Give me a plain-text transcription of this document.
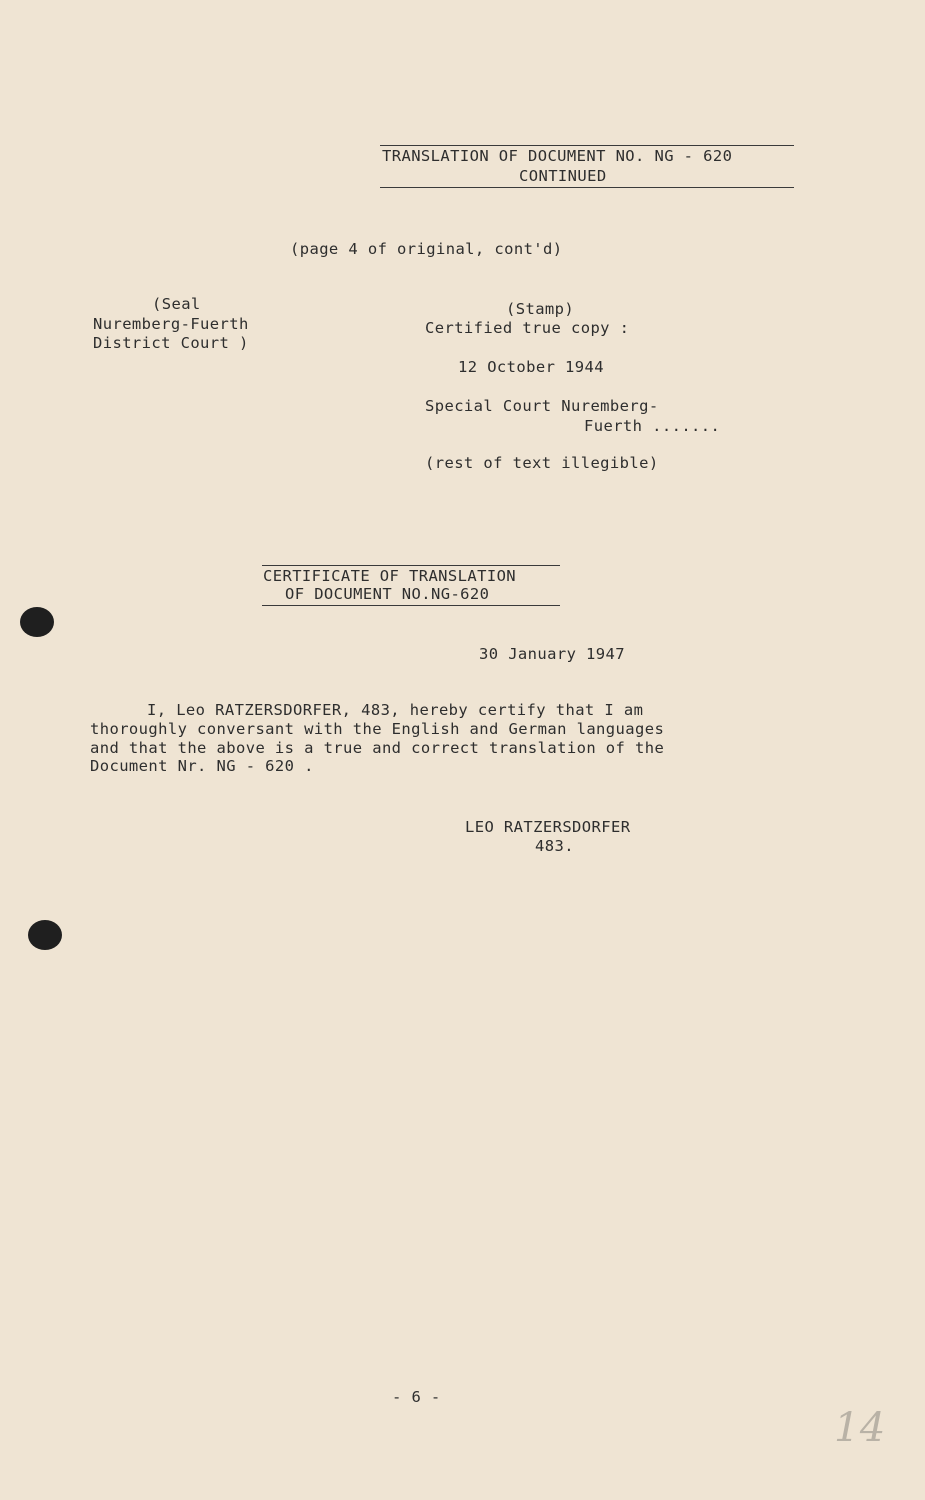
TRANSLATION OF DOCUMENT NO. NG - 620
CONTINUED
(page 4 of original, cont'd)
(Seal
Nuremberg-Fuerth
District Court )
(Stamp)
Certified true copy :
12 October 1944
Special Court Nuremberg-
Fuerth .......
(rest of text illegible)
CERTIFICATE OF TRANSLATION
OF DOCUMENT NO.NG-620
30 January 1947
I, Leo RATZERSDORFER, 483, hereby certify that I am
thoroughly conversant with the English and German languages
and that the above is a true and correct translation of the
Document Nr. NG - 620 .
LEO RATZERSDORFER
483.
- 6 -
14
